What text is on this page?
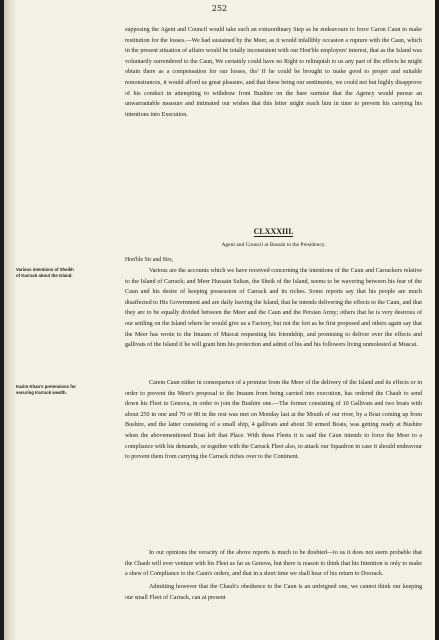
252

supposing the Agent and Council would take such an extraordinary Step as he endeavours to force Caron Caun to make restitution for the losses.—We had sustained by the Meer, as it would infallibly occasion a rupture with the Caun, which in the present situation of affairs would be totally inconsistent with our Hon'ble employers' interest, that as the Island was voluntarily surrendered to the Caun, We certainly could have no Right to relinquish to us any part of the effects he might obtain there as a compensation for our losses, tho' If he could be brought to make good to proper and suitable remonstrances, it would afford us great pleasure, and that these being our sentiments, we could not but highly disapprove of his conduct in attempting to withdraw from Bushire on the bare surmise that the Agency would pursue an unwarrantable measure and intimated our wishes that this letter might reach him in time to prevent his carrying his intentions into Execution.

CLXXXIII.
Agent and Council at Bassah to the Presidency.
Hon'ble Sir and Sirs,

Various intentions of Sheikh of Karrack about the Island.

Various are the accounts which we have received concerning the intentions of the Caun and Carrackers relative to the Island of Carrack; and Meer Hussain Sultan, the Sheik of the Island, seems to be wavering between his fear of the Caun and his desire of keeping possession of Carrack and its riches. Some reports say that his people are much disaffected to His Government and are daily leaving the Island, that he intends delivering the effects to the Caun, and that they are to be equally divided between the Meer and the Caun and the Persian Army; others that he is very desirous of our settling on the Island where he would give us a Factory, but not the fort as he first proposed and others again say that the Meer has wrote to the Imaum of Muscat requesting his friendship, and promising to deliver over the effects and gallivats of the Island if he will grant him his protection and admit of his and his followers living unmolested at Muscat.

Karim Khan's pretensions for securing Karrack wealth.

Carem Caun either in consequence of a promise from the Meer of the delivery of the Island and its effects or in order to prevent the Meer's proposal to the Imaum from being carried into execution, has ordered the Chaub to send down his Fleet to Genova, in order to join the Bushire one.—The former consisting of 10 Gallivats and two boats with about 250 in one and 70 or 80 in the rest was met on Monday last at the Mouth of our river, by a Boat coming up from Bushire, and the latter consisting of a small ship, 4 gallivats and about 30 armed Boats, was getting ready at Bushire when the abovementioned Boat left that Place. With these Fleets it is said the Caun intends to force the Meer to a compliance with his demands, or together with the Carrack Fleet also, to attack our Squadron in case it should endeavour to prevent them from carrying the Carrack riches over to the Continent.

In our opinions the veracity of the above reports is much to be doubted—to us it does not seem probable that the Chaub will ever venture with his Fleet as far as Genova, but there is reason to think that his Intention is only to make a shew of Compliance to the Caun's orders, and that in a short time we shall hear of his return to Doorack.

Admitting however that the Chaub's obedience to the Caun is an unfeigned one, we cannot think our keeping our small Fleet of Carrack, can at present
